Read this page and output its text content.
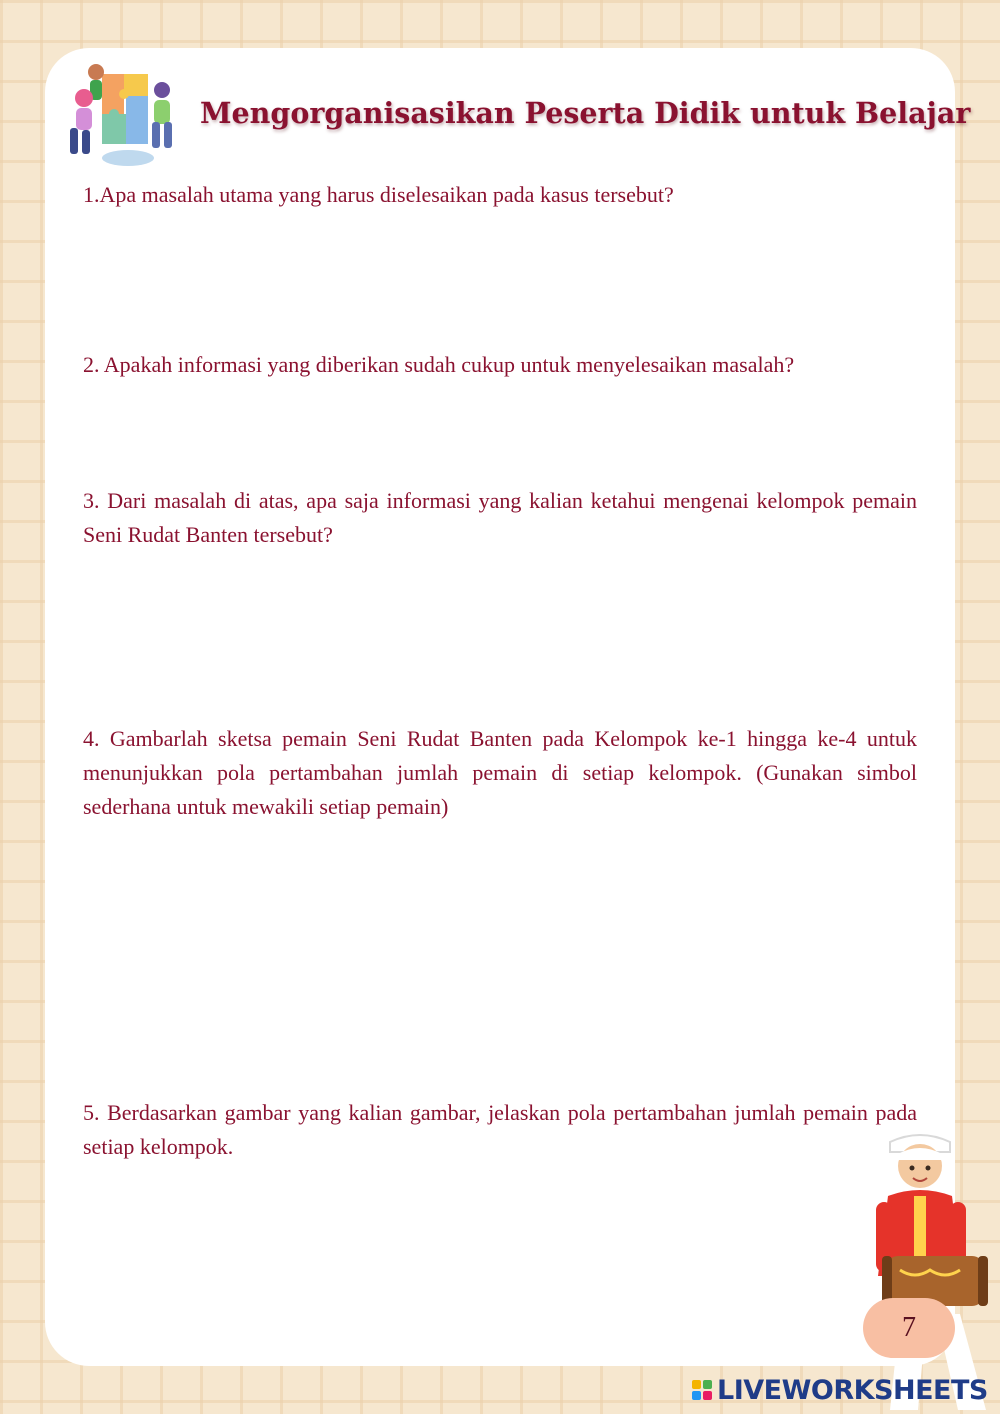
Mengorganisasikan Peserta Didik untuk Belajar

1.Apa masalah utama yang harus diselesaikan pada kasus tersebut?

2. Apakah informasi yang diberikan sudah cukup untuk menyelesaikan masalah?

3. Dari masalah di atas, apa saja informasi yang kalian ketahui mengenai kelompok pemain Seni Rudat Banten tersebut?

4. Gambarlah sketsa pemain Seni Rudat Banten pada Kelompok ke-1 hingga ke-4 untuk menunjukkan pola pertambahan jumlah pemain di setiap kelompok. (Gunakan simbol sederhana untuk mewakili setiap pemain)

5. Berdasarkan gambar yang kalian gambar, jelaskan pola pertambahan jumlah pemain pada setiap kelompok.

7
LIVEWORKSHEETS
